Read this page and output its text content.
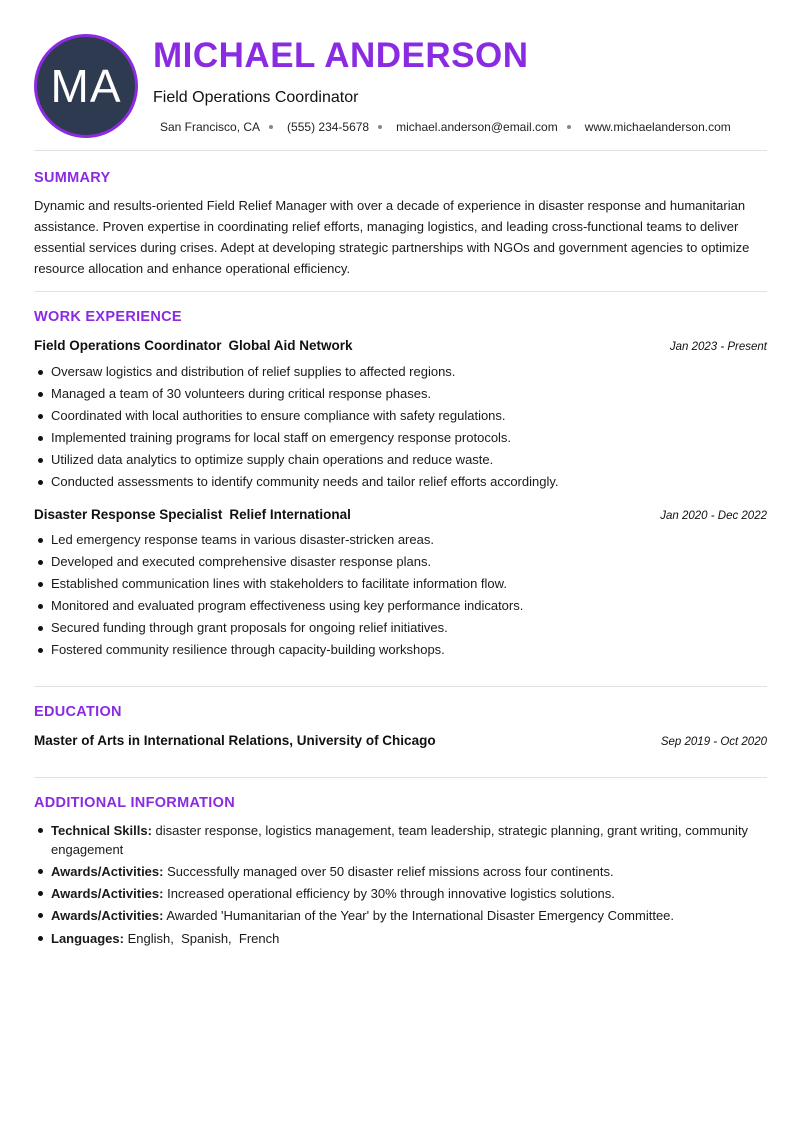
MA
MICHAEL ANDERSON
Field Operations Coordinator
San Francisco, CA (555) 234-5678 michael.anderson@email.com www.michaelanderson.com
SUMMARY

Dynamic and results-oriented Field Relief Manager with over a decade of experience in disaster response and humanitarian assistance. Proven expertise in coordinating relief efforts, managing logistics, and leading cross-functional teams to deliver essential services during crises. Adept at developing strategic partnerships with NGOs and government agencies to optimize resource allocation and enhance operational efficiency.

WORK EXPERIENCE
Field Operations Coordinator Global Aid Network	Jan 2023 - Present
Oversaw logistics and distribution of relief supplies to affected regions.
Managed a team of 30 volunteers during critical response phases.
Coordinated with local authorities to ensure compliance with safety regulations.
Implemented training programs for local staff on emergency response protocols.
Utilized data analytics to optimize supply chain operations and reduce waste.
Conducted assessments to identify community needs and tailor relief efforts accordingly.
Disaster Response Specialist Relief International	Jan 2020 - Dec 2022
Led emergency response teams in various disaster-stricken areas.
Developed and executed comprehensive disaster response plans.
Established communication lines with stakeholders to facilitate information flow.
Monitored and evaluated program effectiveness using key performance indicators.
Secured funding through grant proposals for ongoing relief initiatives.
Fostered community resilience through capacity-building workshops.
EDUCATION
Master of Arts in International Relations, University of Chicago	Sep 2019 - Oct 2020
ADDITIONAL INFORMATION
Technical Skills: disaster response, logistics management, team leadership, strategic planning, grant writing, community engagement
Awards/Activities: Successfully managed over 50 disaster relief missions across four continents.
Awards/Activities: Increased operational efficiency by 30% through innovative logistics solutions.
Awards/Activities: Awarded 'Humanitarian of the Year' by the International Disaster Emergency Committee.
Languages: English,  Spanish,  French
